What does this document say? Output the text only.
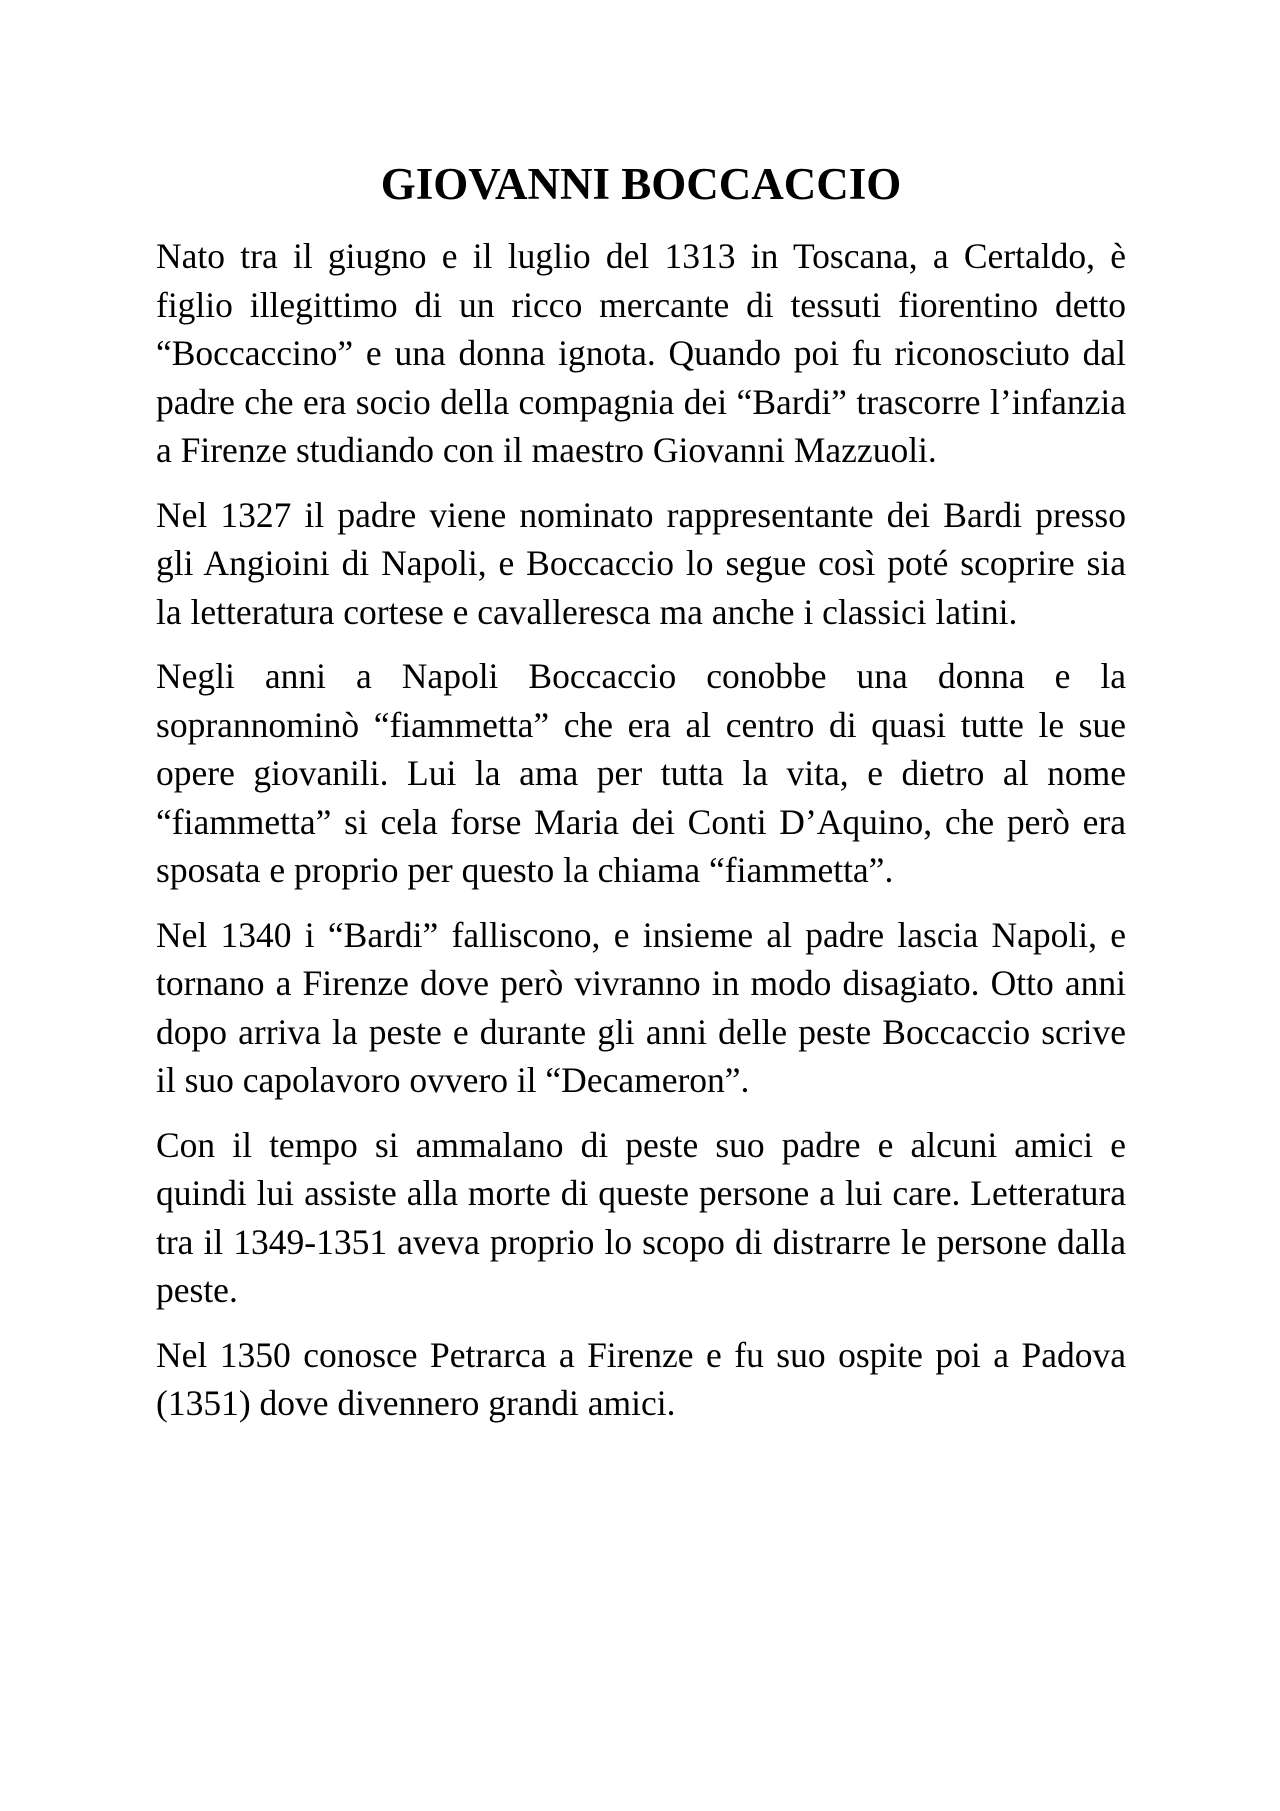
GIOVANNI BOCCACCIO

Nato tra il giugno e il luglio del 1313 in Toscana, a Certaldo, è figlio illegittimo di un ricco mercante di tessuti fiorentino detto “Boccaccino” e una donna ignota. Quando poi fu riconosciuto dal padre che era socio della compagnia dei “Bardi” trascorre l’infanzia a Firenze studiando con il maestro Giovanni Mazzuoli.

Nel 1327 il padre viene nominato rappresentante dei Bardi presso gli Angioini di Napoli, e Boccaccio lo segue così poté scoprire sia la letteratura cortese e cavalleresca ma anche i classici latini.

Negli anni a Napoli Boccaccio conobbe una donna e la soprannominò “fiammetta” che era al centro di quasi tutte le sue opere giovanili. Lui la ama per tutta la vita, e dietro al nome “fiammetta” si cela forse Maria dei Conti D’Aquino, che però era sposata e proprio per questo la chiama “fiammetta”.

Nel 1340 i “Bardi” falliscono, e insieme al padre lascia Napoli, e tornano a Firenze dove però vivranno in modo disagiato. Otto anni dopo arriva la peste e durante gli anni delle peste Boccaccio scrive il suo capolavoro ovvero il “Decameron”.

Con il tempo si ammalano di peste suo padre e alcuni amici e quindi lui assiste alla morte di queste persone a lui care. Letteratura tra il 1349-1351 aveva proprio lo scopo di distrarre le persone dalla peste.

Nel 1350 conosce Petrarca a Firenze e fu suo ospite poi a Padova (1351) dove divennero grandi amici.
